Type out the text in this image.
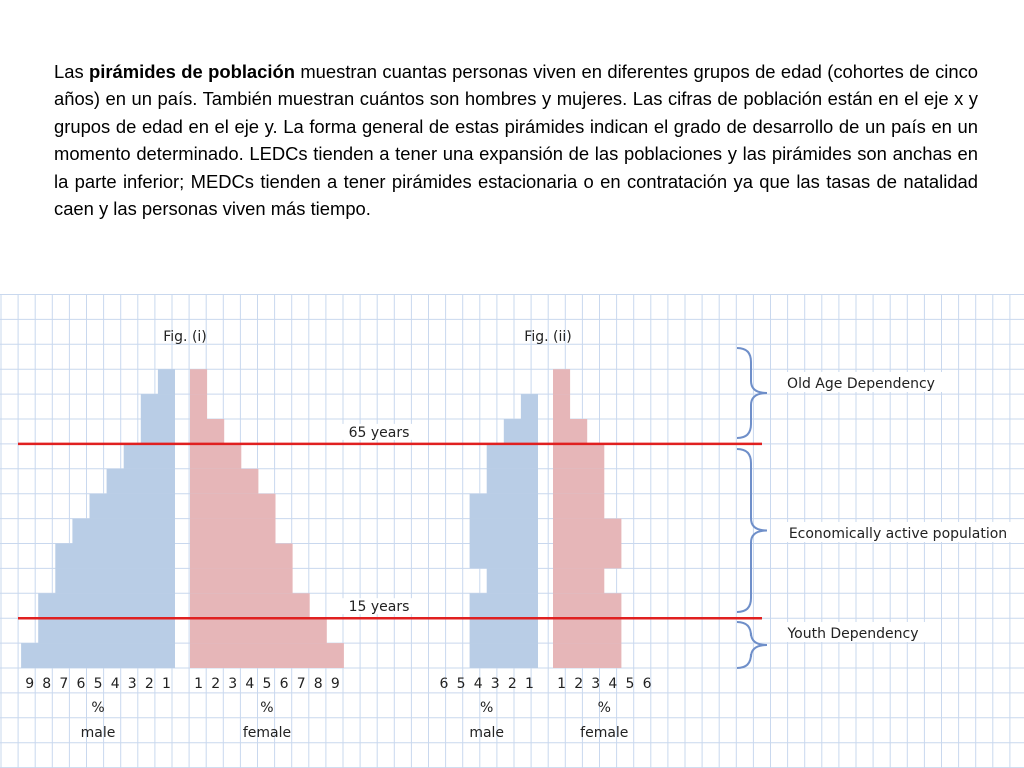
Las pirámides de población muestran cuantas personas viven en diferentes grupos de edad (cohortes de cinco años) en un país. También muestran cuántos son hombres y mujeres. Las cifras de población están en el eje x y grupos de edad en el eje y. La forma general de estas pirámides indican el grado de desarrollo de un país en un momento determinado. LEDCs tienden a tener una expansión de las poblaciones y las pirámides son anchas en la parte inferior; MEDCs tienden a tener pirámides estacionaria o en contratación ya que las tasas de natalidad caen y las personas viven más tiempo.

Fig. (i)
9 8 7 6 5 4 3 2 1 1 2 3 4 5 6 7 8 9
%	%
male	female
Fig. (ii)
6 5 4 3 2 1 1 2 3 4 5 6
%	%
male	female
65 years
15 years
Old Age Dependency
Economically active population
Youth Dependency
